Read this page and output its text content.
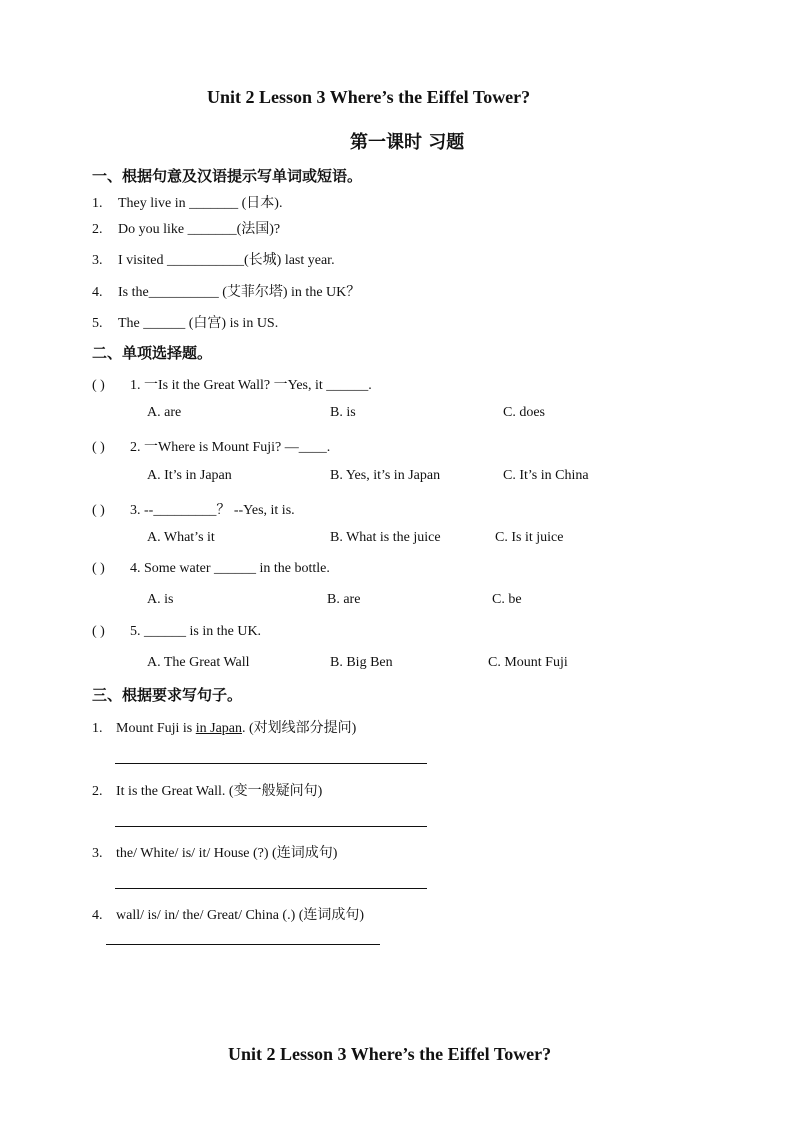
Unit 2 Lesson 3 Where’s the Eiffel Tower?
第一课时 习题
一、根据句意及汉语提示写单词或短语。
1. They live in _______ (日本).
2. Do you like _______(法国)?
3. I visited ___________(长城) last year.
4. Is the__________ (艾菲尔塔) in the UK？
5. The ______ (白宫) is in US.
二、单项选择题。
( ) 1. 一Is it the Great Wall? 一Yes, it ______.
A. are	B. is	C. does
( ) 2. 一Where is Mount Fuji? —____.
A. It’s in Japan	B. Yes, it’s in Japan	C. It’s in China
( ) 3. --_________？ --Yes, it is.
A. What’s it	B. What is the juice	C. Is it juice
( ) 4. Some water ______ in the bottle.
A. is	B. are	C. be
( ) 5. ______ is in the UK.
A. The Great Wall	B. Big Ben	C. Mount Fuji
三、根据要求写句子。
1. Mount Fuji is in Japan. (对划线部分提问)
2. It is the Great Wall. (变一般疑问句)
3. the/ White/ is/ it/ House (?) (连词成句)
4. wall/ is/ in/ the/ Great/ China (.) (连词成句)
Unit 2 Lesson 3 Where’s the Eiffel Tower?
